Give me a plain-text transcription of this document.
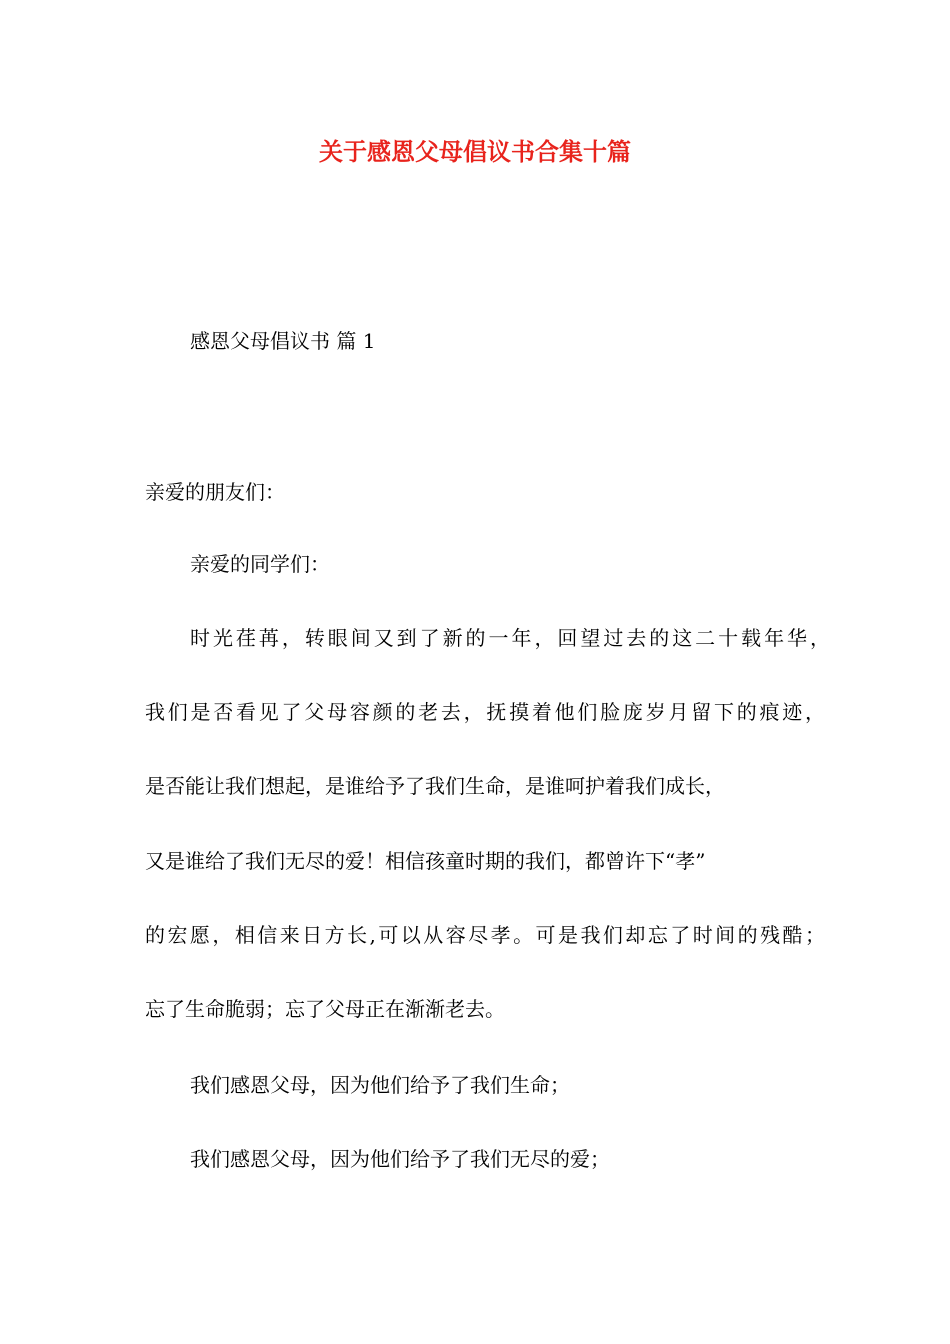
关于感恩父母倡议书合集十篇

感恩父母倡议书 篇 1

亲爱的朋友们：

亲爱的同学们：

时光荏苒，转眼间又到了新的一年，回望过去的这二十载年华，

我们是否看见了父母容颜的老去，抚摸着他们脸庞岁月留下的痕迹，

是否能让我们想起，是谁给予了我们生命，是谁呵护着我们成长，

又是谁给了我们无尽的爱！相信孩童时期的我们，都曾许下“孝”

的宏愿，相信来日方长,可以从容尽孝。可是我们却忘了时间的残酷；

忘了生命脆弱；忘了父母正在渐渐老去。

我们感恩父母，因为他们给予了我们生命；

我们感恩父母，因为他们给予了我们无尽的爱；
